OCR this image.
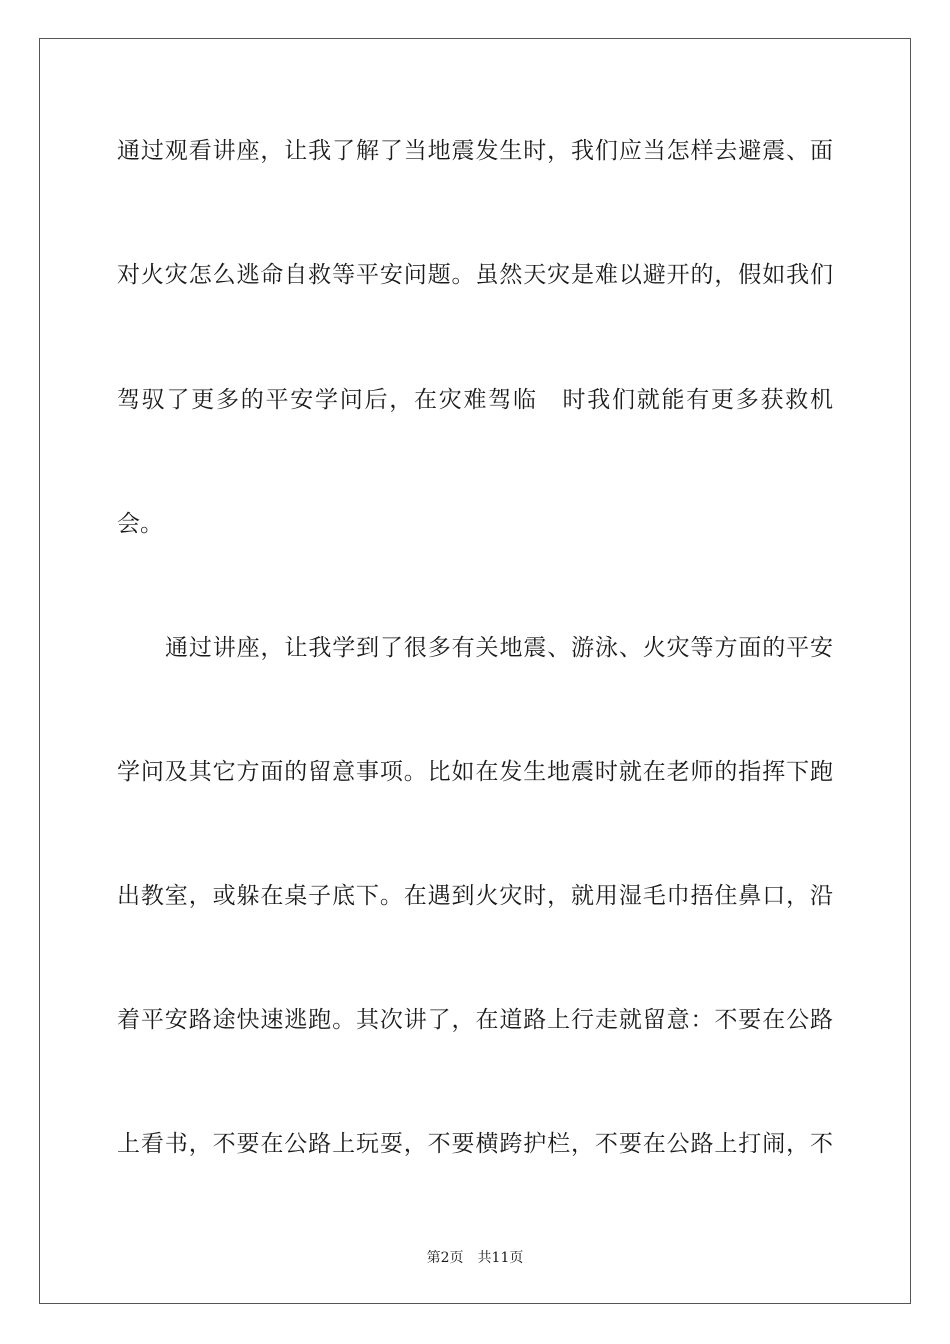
通过观看讲座，让我了解了当地震发生时，我们应当怎样去避震、面
对火灾怎么逃命自救等平安问题。虽然天灾是难以避开的，假如我们
驾驭了更多的平安学问后，在灾难驾临　时我们就能有更多获救机
会。
通过讲座，让我学到了很多有关地震、游泳、火灾等方面的平安
学问及其它方面的留意事项。比如在发生地震时就在老师的指挥下跑
出教室，或躲在桌子底下。在遇到火灾时，就用湿毛巾捂住鼻口，沿
着平安路途快速逃跑。其次讲了，在道路上行走就留意：不要在公路
上看书，不要在公路上玩耍，不要横跨护栏，不要在公路上打闹，不
第2页 共11页
